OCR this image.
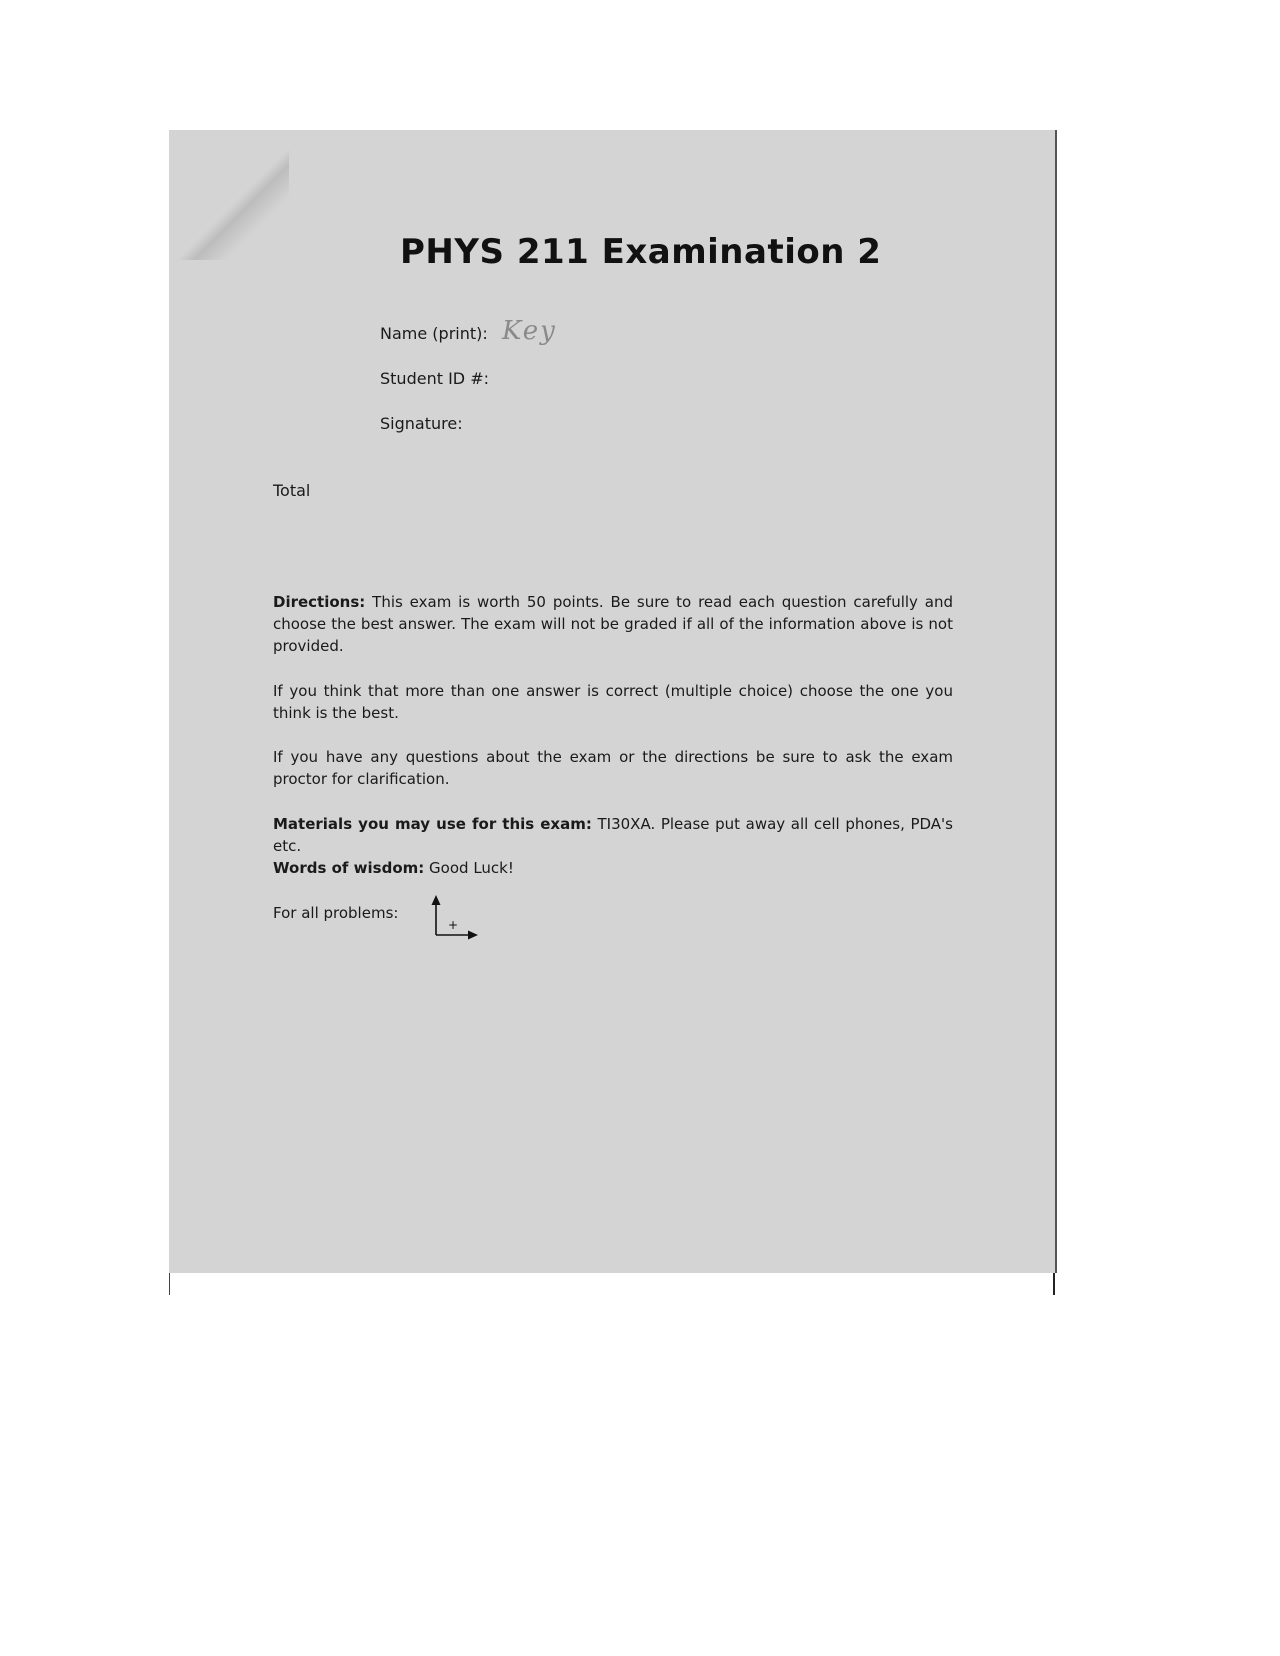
PHYS 211 Examination 2
Name (print): Key
Student ID #:
Signature:
Total
Directions: This exam is worth 50 points. Be sure to read each question carefully and choose the best answer. The exam will not be graded if all of the information above is not provided.
If you think that more than one answer is correct (multiple choice) choose the one you think is the best.
If you have any questions about the exam or the directions be sure to ask the exam proctor for clarification.
Materials you may use for this exam: TI30XA. Please put away all cell phones, PDA's etc.
Words of wisdom: Good Luck!
For all problems:
+
